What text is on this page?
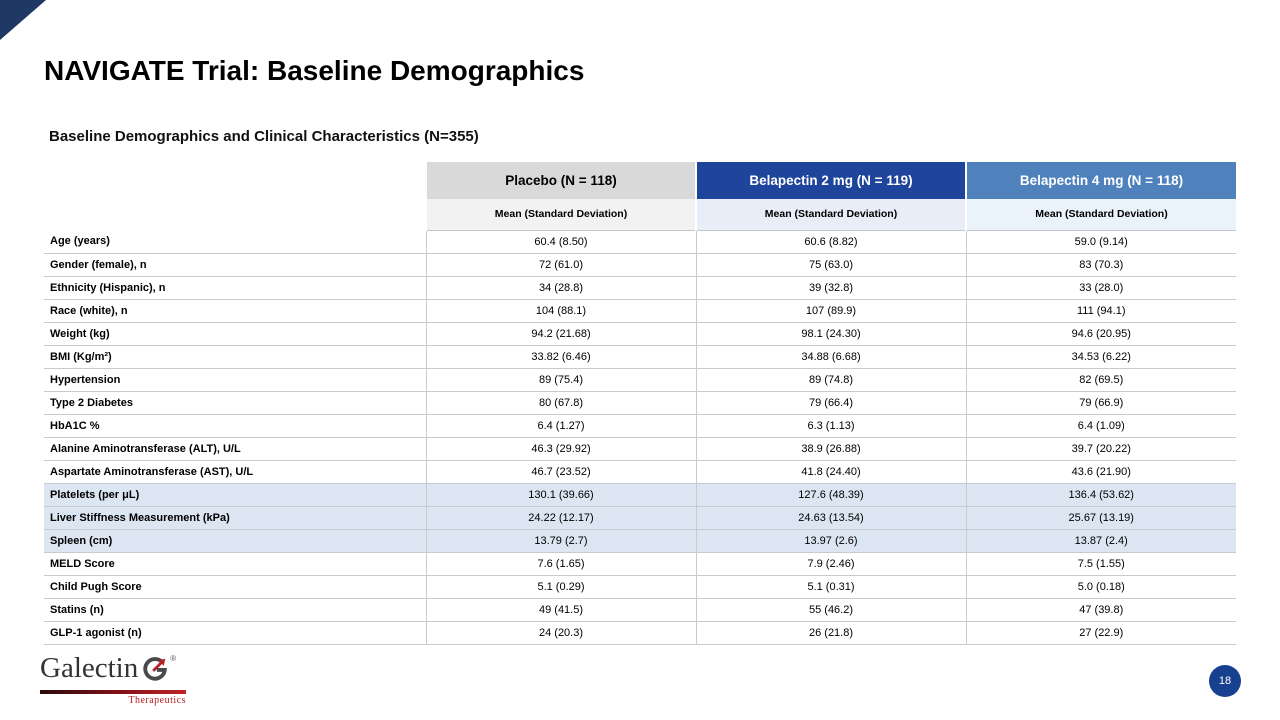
NAVIGATE Trial: Baseline Demographics
Baseline Demographics and Clinical Characteristics (N=355)
	Placebo (N = 118)	Belapectin 2 mg (N = 119)	Belapectin 4 mg (N = 118)
	Mean (Standard Deviation)	Mean (Standard Deviation)	Mean (Standard Deviation)
Age (years)	60.4 (8.50)	60.6 (8.82)	59.0 (9.14)
Gender (female), n	72 (61.0)	75 (63.0)	83 (70.3)
Ethnicity (Hispanic), n	34 (28.8)	39 (32.8)	33 (28.0)
Race (white), n	104 (88.1)	107 (89.9)	111 (94.1)
Weight (kg)	94.2 (21.68)	98.1 (24.30)	94.6 (20.95)
BMI (Kg/m²)	33.82 (6.46)	34.88 (6.68)	34.53 (6.22)
Hypertension	89 (75.4)	89 (74.8)	82 (69.5)
Type 2 Diabetes	80 (67.8)	79 (66.4)	79 (66.9)
HbA1C %	6.4 (1.27)	6.3 (1.13)	6.4 (1.09)
Alanine Aminotransferase (ALT), U/L	46.3 (29.92)	38.9 (26.88)	39.7 (20.22)
Aspartate Aminotransferase (AST), U/L	46.7 (23.52)	41.8 (24.40)	43.6 (21.90)
Platelets (per μL)	130.1 (39.66)	127.6 (48.39)	136.4 (53.62)
Liver Stiffness Measurement (kPa)	24.22 (12.17)	24.63 (13.54)	25.67 (13.19)
Spleen (cm)	13.79 (2.7)	13.97 (2.6)	13.87 (2.4)
MELD Score	7.6 (1.65)	7.9 (2.46)	7.5 (1.55)
Child Pugh Score	5.1 (0.29)	5.1 (0.31)	5.0 (0.18)
Statins (n)	49 (41.5)	55 (46.2)	47 (39.8)
GLP-1 agonist (n)	24 (20.3)	26 (21.8)	27 (22.9)
Galectin	®
Therapeutics
18
